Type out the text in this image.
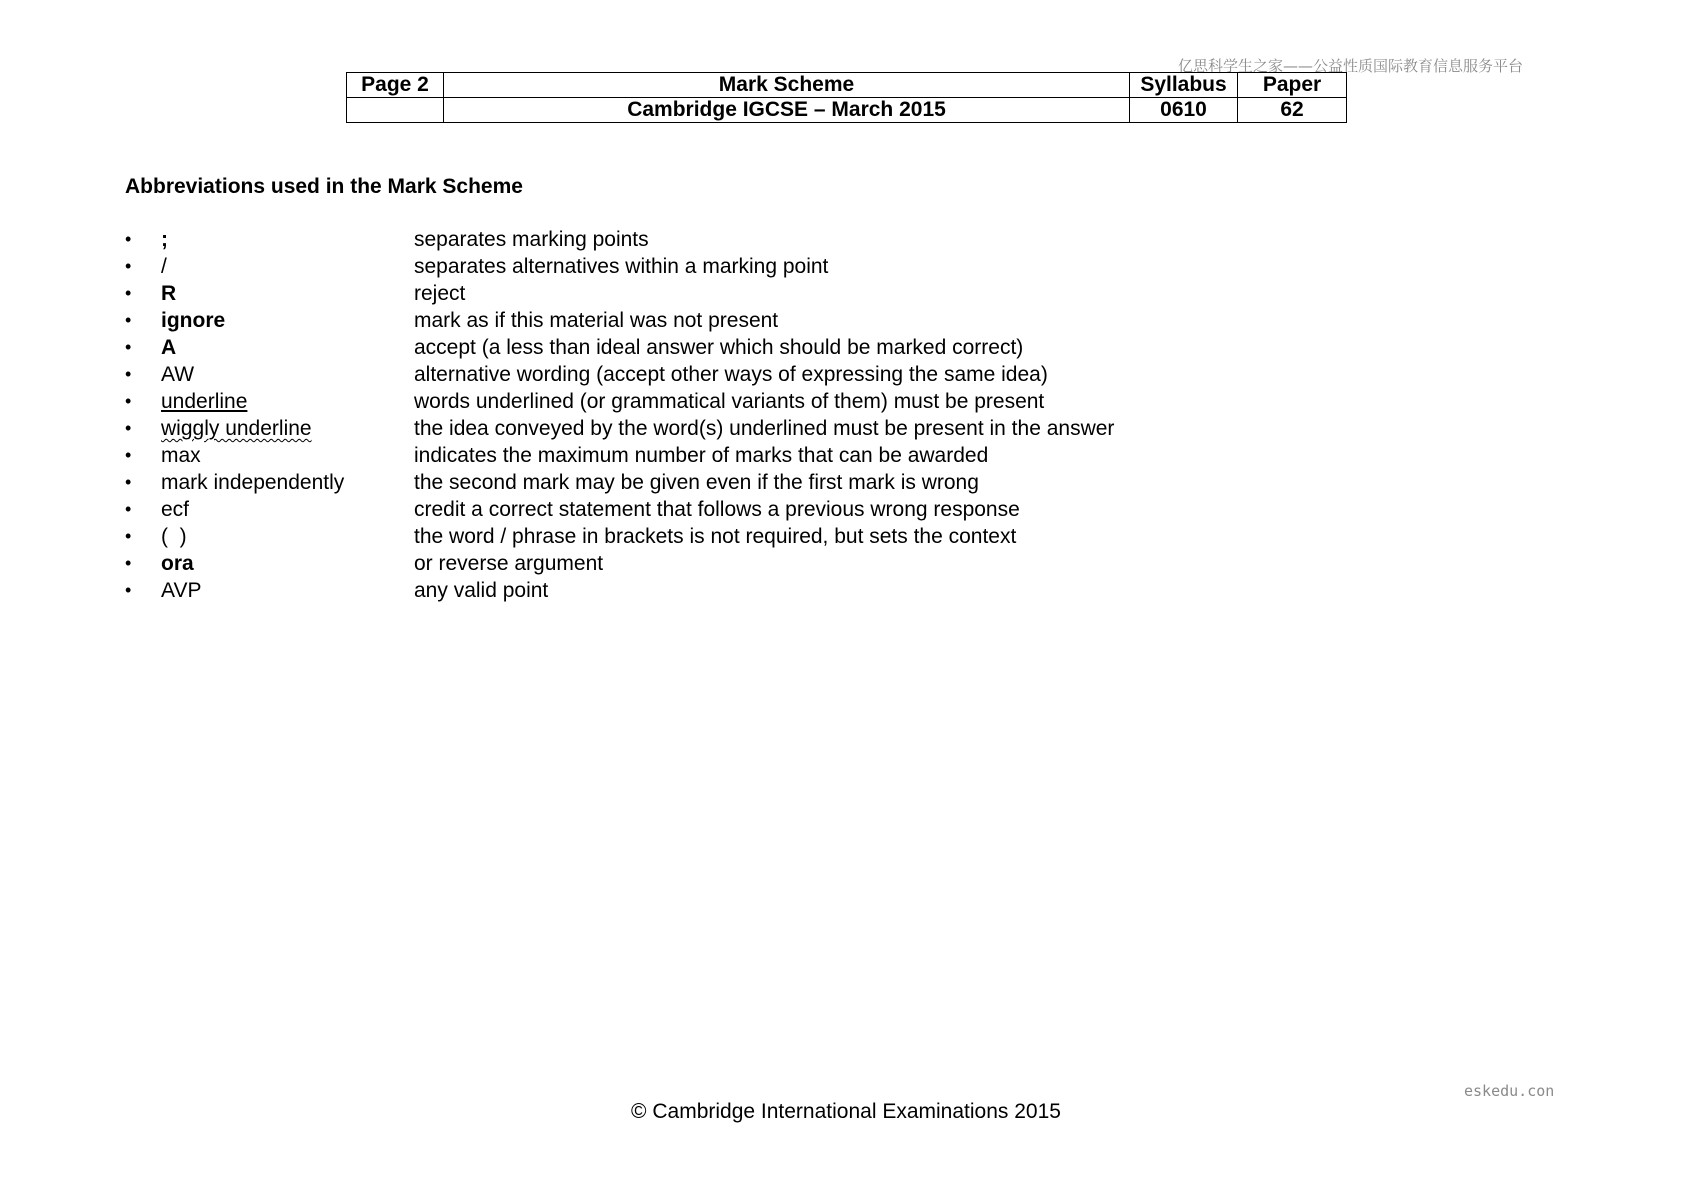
亿思科学生之家——公益性质国际教育信息服务平台
Page 2	Mark Scheme	Syllabus	Paper
	Cambridge IGCSE – March 2015	0610	62
Abbreviations used in the Mark Scheme
• ;	separates marking points
• /	separates alternatives within a marking point
• R	reject
• ignore	mark as if this material was not present
• A	accept (a less than ideal answer which should be marked correct)
• AW	alternative wording (accept other ways of expressing the same idea)
• underline	words underlined (or grammatical variants of them) must be present
• wiggly underline	the idea conveyed by the word(s) underlined must be present in the answer
• max	indicates the maximum number of marks that can be awarded
• mark independently	the second mark may be given even if the first mark is wrong
• ecf	credit a correct statement that follows a previous wrong response
• (  )	the word / phrase in brackets is not required, but sets the context
• ora	or reverse argument
• AVP	any valid point
eskedu.con
© Cambridge International Examinations 2015
